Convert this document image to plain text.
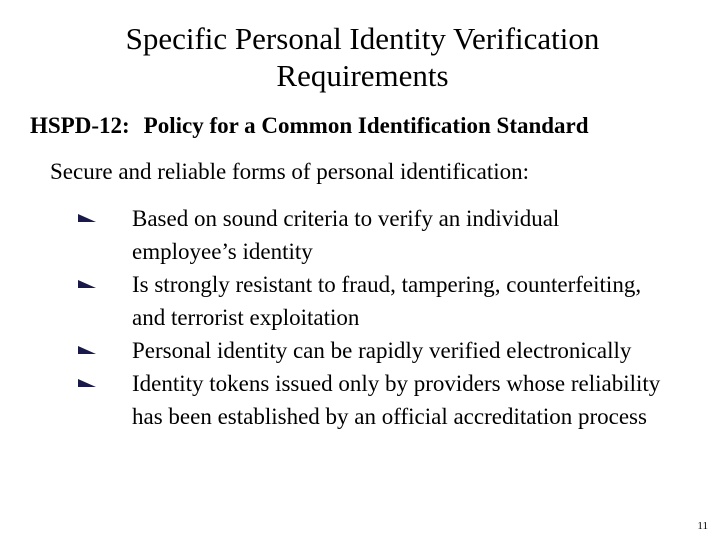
Specific Personal Identity Verification Requirements
HSPD-12: Policy for a Common Identification Standard
Secure and reliable forms of personal identification:
Based on sound criteria to verify an individual employee’s identity
Is strongly resistant to fraud, tampering, counterfeiting, and terrorist exploitation
Personal identity can be rapidly verified electronically
Identity tokens issued only by providers whose reliability has been established by an official accreditation process
11
